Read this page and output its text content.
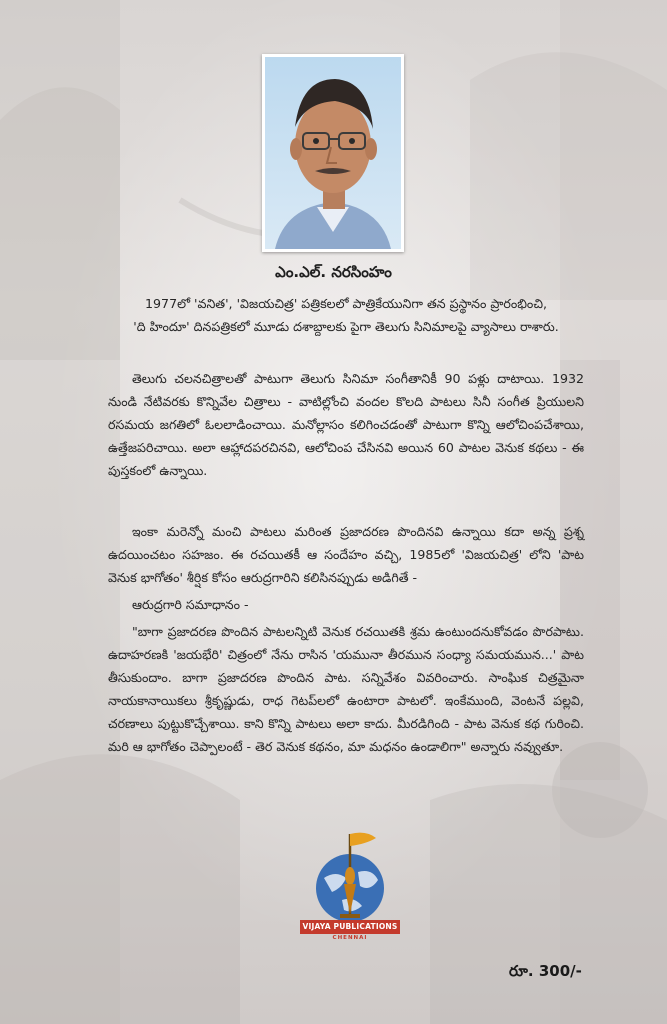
ఎం.ఎల్. నరసింహం

1977లో 'వనిత', 'విజయచిత్ర' పత్రికలలో పాత్రికేయునిగా తన ప్రస్థానం ప్రారంభించి,

'ది హిందూ' దినపత్రికలో మూడు దశాబ్దాలకు పైగా తెలుగు సినిమాలపై వ్యాసాలు రాశారు.

తెలుగు చలనచిత్రాలతో పాటుగా తెలుగు సినిమా సంగీతానికీ 90 పళ్లు దాటాయి. 1932 నుండి నేటివరకు కొన్నివేల చిత్రాలు - వాటిల్లోంచి వందల కొలది పాటలు సినీ సంగీత ప్రియులని రసమయ జగతిలో ఓలలాడించాయి. మనోల్లాసం కలిగించడంతో పాటుగా కొన్ని ఆలోచింపచేశాయి, ఉత్తేజపరిచాయి. అలా ఆహ్లాదపరచినవి, ఆలోచింప చేసినవి అయిన 60 పాటల వెనుక కథలు - ఈ పుస్తకంలో ఉన్నాయి.

ఇంకా మరెన్నో మంచి పాటలు మరింత ప్రజాదరణ పొందినవి ఉన్నాయి కదా అన్న ప్రశ్న ఉదయించటం సహజం. ఈ రచయితకీ ఆ సందేహం వచ్చి, 1985లో 'విజయచిత్ర' లోని 'పాట వెనుక భాగోతం' శీర్షిక కోసం ఆరుద్రగారిని కలిసినప్పుడు అడిగితే -

ఆరుద్రగారి సమాధానం -

"బాగా ప్రజాదరణ పొందిన పాటలన్నిటి వెనుక రచయితకి శ్రమ ఉంటుందనుకోవడం పొరపాటు. ఉదాహరణకి 'జయభేరి' చిత్రంలో నేను రాసిన 'యమునా తీరమున సంధ్యా సమయమున...' పాట తీసుకుందాం. బాగా ప్రజాదరణ పొందిన పాట. సన్నివేశం వివరించారు. సాంఘిక చిత్రమైనా నాయకానాయికలు శ్రీకృష్ణుడు, రాధ గెటప్‌లలో ఉంటారా పాటలో. ఇంకేముంది, వెంటనే పల్లవి, చరణాలు పుట్టుకొచ్చేశాయి. కాని కొన్ని పాటలు అలా కాదు. మీరడిగింది - పాట వెనుక కథ గురించి. మరి ఆ భాగోతం చెప్పాలంటే - తెర వెనుక కథనం, మా మధనం ఉండాలిగా" అన్నారు నవ్వుతూ.

VIJAYA PUBLICATIONS
CHENNAI
రూ. 300/-
